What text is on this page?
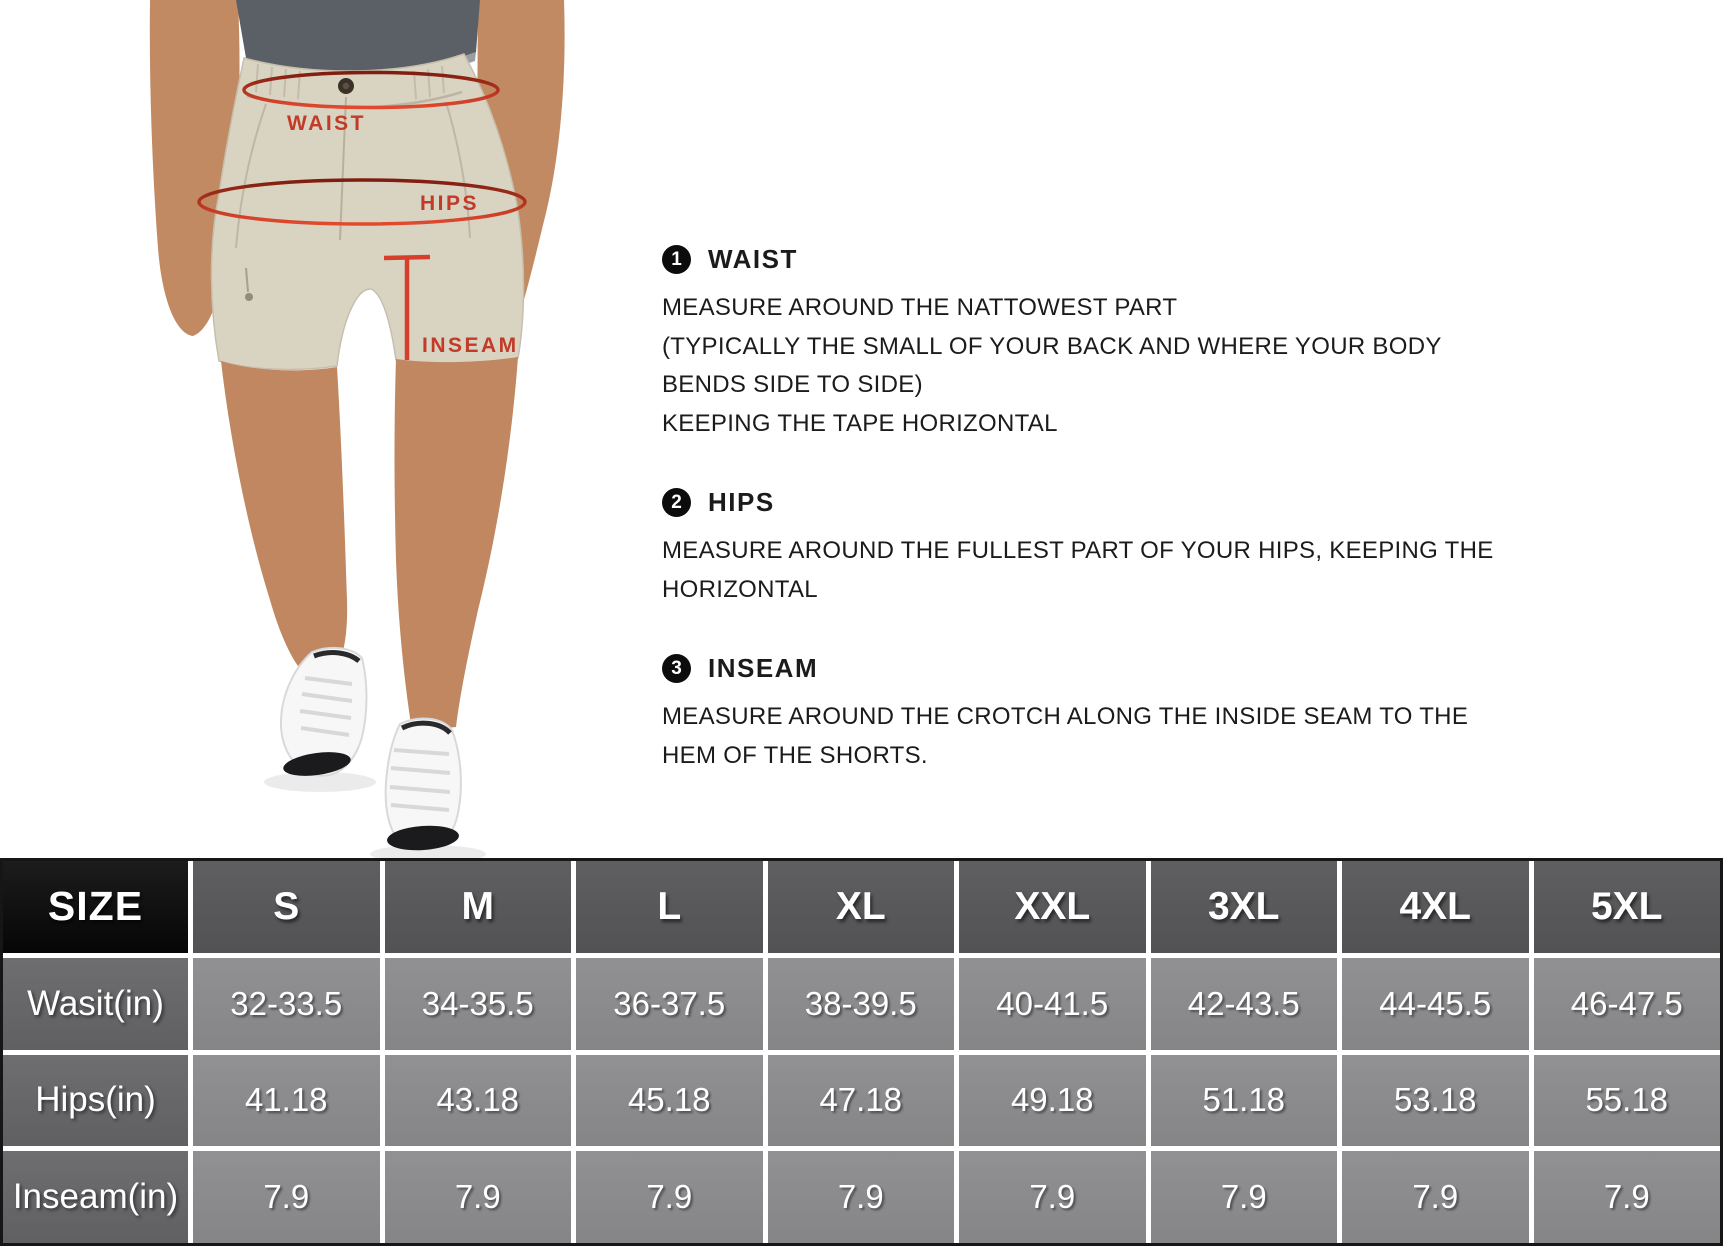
WAIST
HIPS
INSEAM
1	WAIST
MEASURE AROUND THE NATTOWEST PART
(TYPICALLY THE SMALL OF YOUR BACK AND WHERE YOUR BODY
BENDS SIDE TO SIDE)
KEEPING THE TAPE HORIZONTAL
2	HIPS
MEASURE AROUND THE FULLEST PART OF YOUR HIPS, KEEPING THE
HORIZONTAL
3	INSEAM
MEASURE AROUND THE CROTCH ALONG THE INSIDE SEAM TO THE
HEM OF THE SHORTS.
SIZE	S	M	L	XL	XXL	3XL	4XL	5XL
Wasit(in)	32-33.5	34-35.5	36-37.5	38-39.5	40-41.5	42-43.5	44-45.5	46-47.5
Hips(in)	41.18	43.18	45.18	47.18	49.18	51.18	53.18	55.18
Inseam(in)	7.9	7.9	7.9	7.9	7.9	7.9	7.9	7.9
